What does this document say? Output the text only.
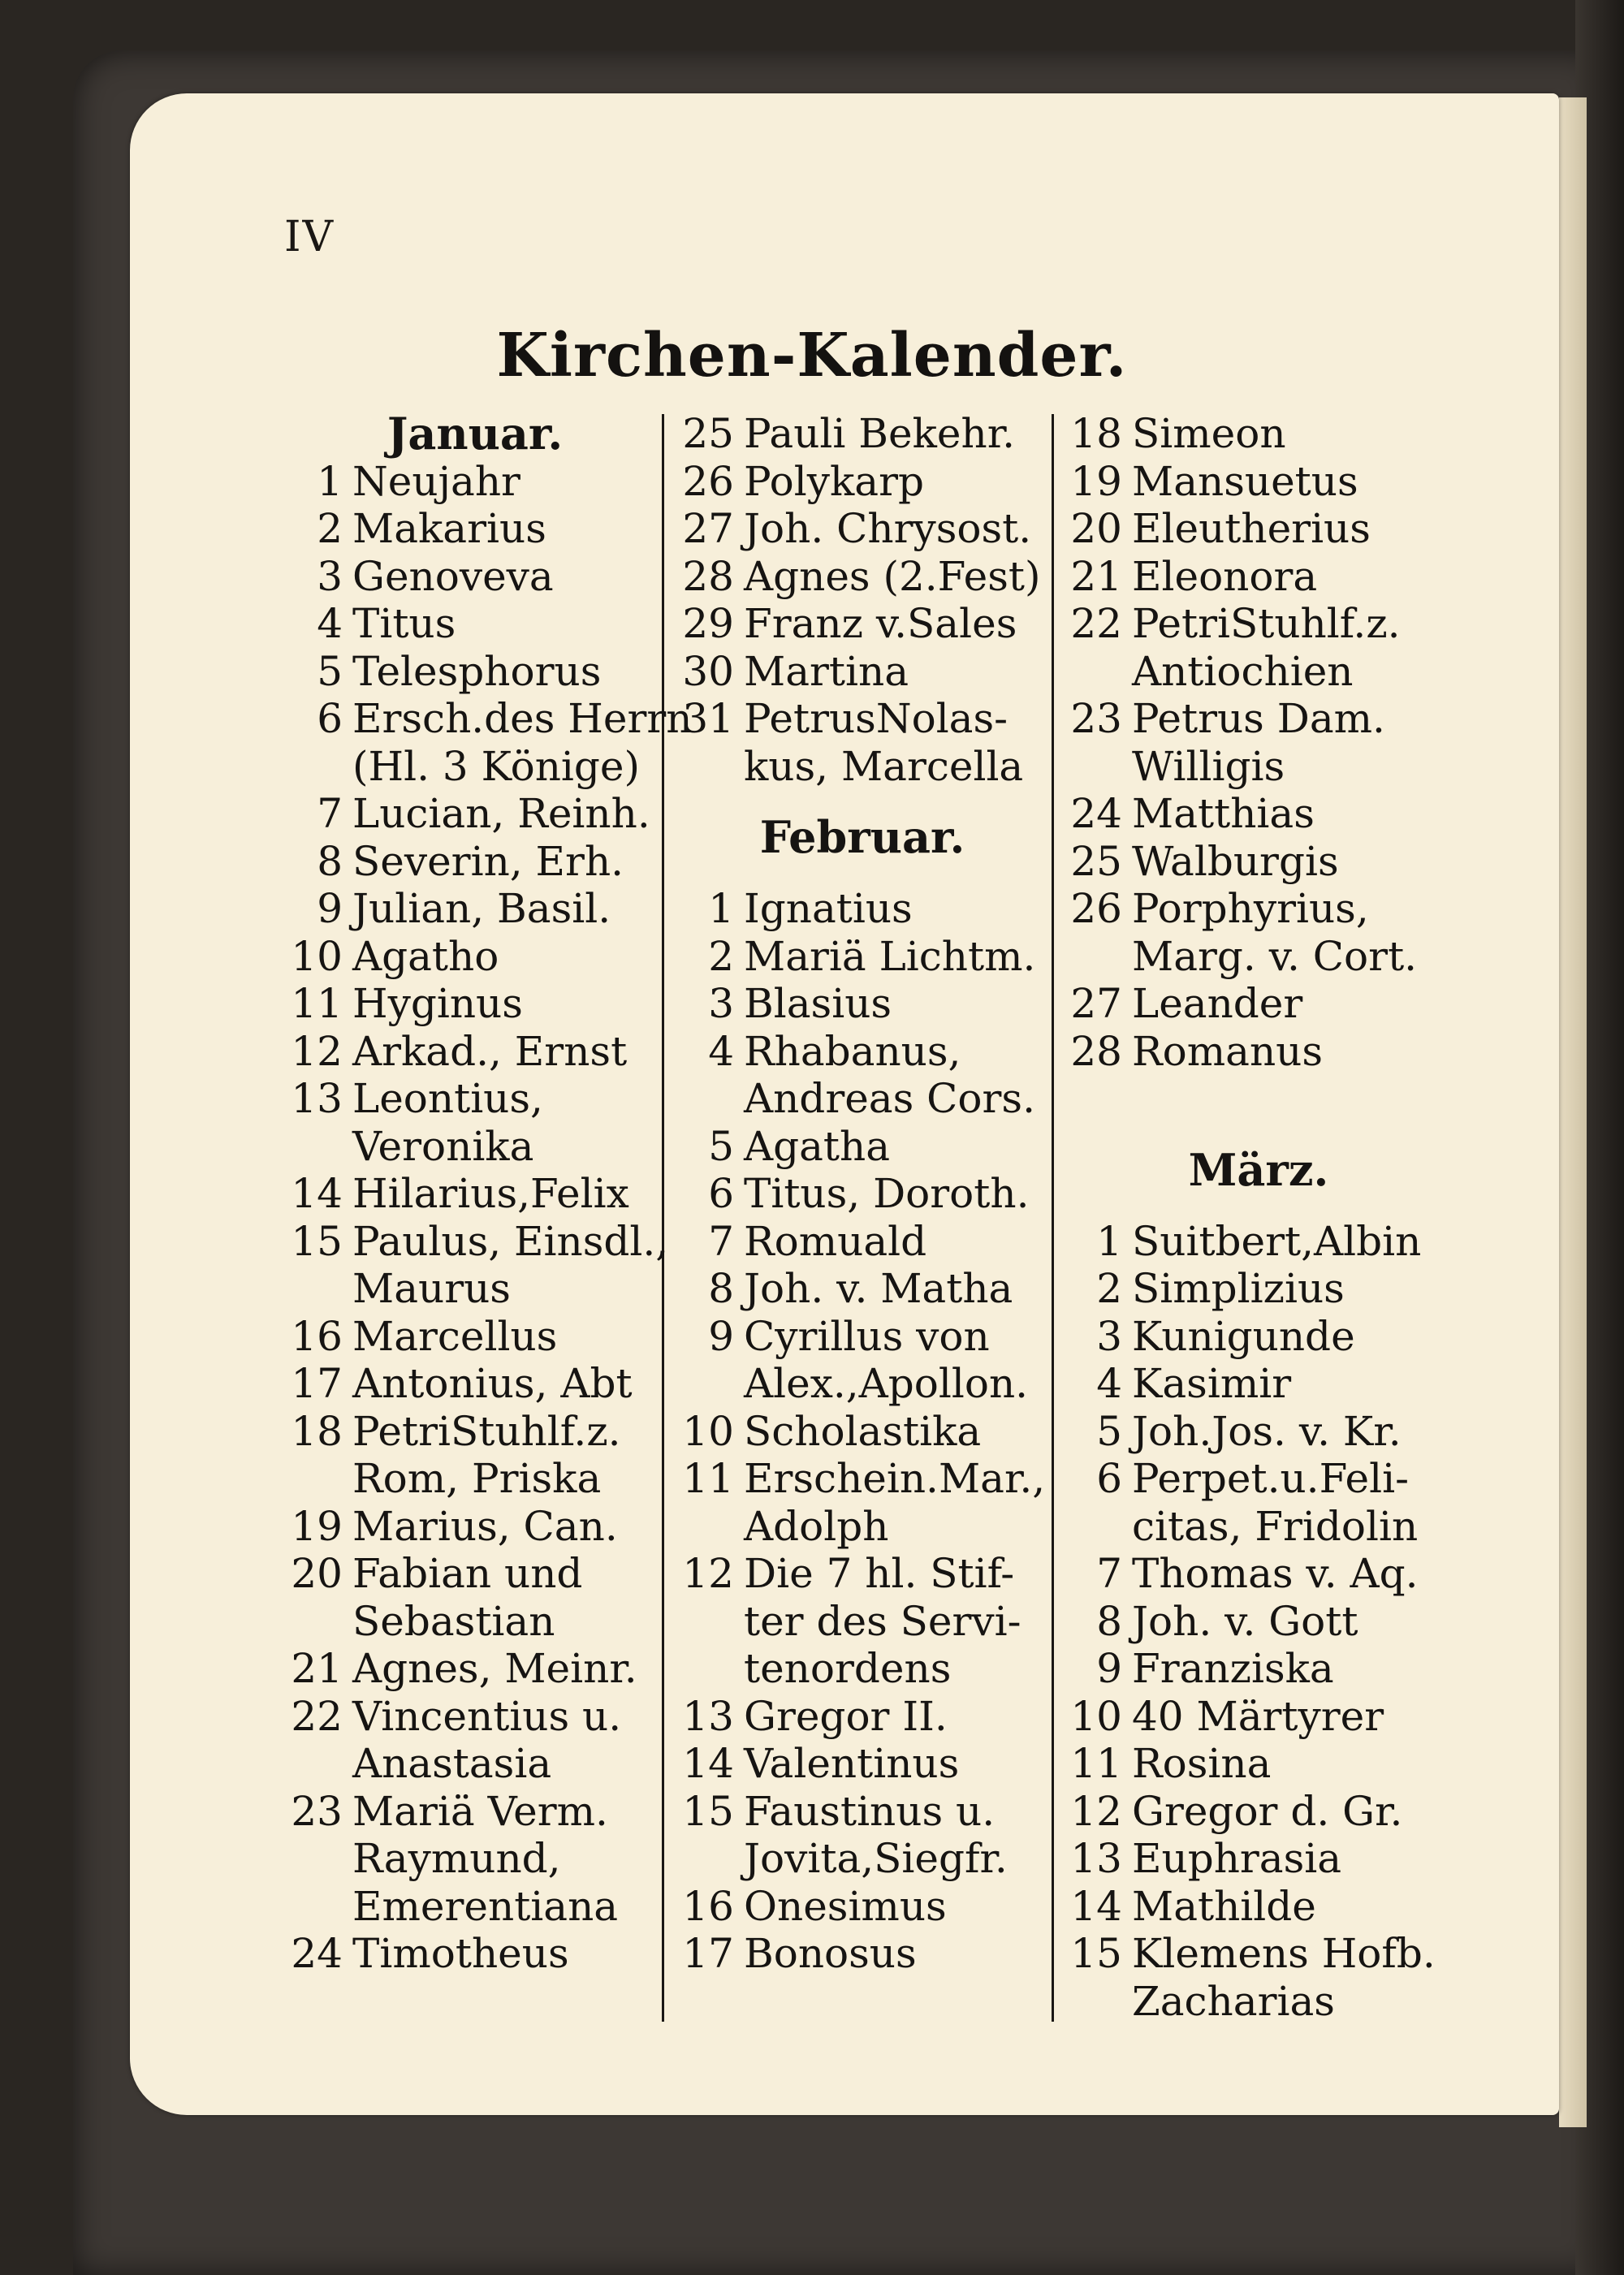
IV
Kirchen-Kalender.
Januar.
1 Neujahr
2 Makarius
3 Genoveva
4 Titus
5 Telesphorus
6 Ersch.des Herrn
(Hl. 3 Könige)
7 Lucian, Reinh.
8 Severin, Erh.
9 Julian, Basil.
10 Agatho
11 Hyginus
12 Arkad., Ernst
13 Leontius,
Veronika
14 Hilarius,Felix
15 Paulus, Einsdl.,
Maurus
16 Marcellus
17 Antonius, Abt
18 PetriStuhlf.z.
Rom, Priska
19 Marius, Can.
20 Fabian und
Sebastian
21 Agnes, Meinr.
22 Vincentius u.
Anastasia
23 Mariä Verm.
Raymund,
Emerentiana
24 Timotheus
25 Pauli Bekehr.
26 Polykarp
27 Joh. Chrysost.
28 Agnes (2.Fest)
29 Franz v.Sales
30 Martina
31 PetrusNolas-
kus, Marcella
Februar.
1 Ignatius
2 Mariä Lichtm.
3 Blasius
4 Rhabanus,
Andreas Cors.
5 Agatha
6 Titus, Doroth.
7 Romuald
8 Joh. v. Matha
9 Cyrillus von
Alex.,Apollon.
10 Scholastika
11 Erschein.Mar.,
Adolph
12 Die 7 hl. Stif-
ter des Servi-
tenordens
13 Gregor II.
14 Valentinus
15 Faustinus u.
Jovita,Siegfr.
16 Onesimus
17 Bonosus
18 Simeon
19 Mansuetus
20 Eleutherius
21 Eleonora
22 PetriStuhlf.z.
Antiochien
23 Petrus Dam.
Willigis
24 Matthias
25 Walburgis
26 Porphyrius,
Marg. v. Cort.
27 Leander
28 Romanus
März.
1 Suitbert,Albin
2 Simplizius
3 Kunigunde
4 Kasimir
5 Joh.Jos. v. Kr.
6 Perpet.u.Feli-
citas, Fridolin
7 Thomas v. Aq.
8 Joh. v. Gott
9 Franziska
10 40 Märtyrer
11 Rosina
12 Gregor d. Gr.
13 Euphrasia
14 Mathilde
15 Klemens Hofb.
Zacharias
